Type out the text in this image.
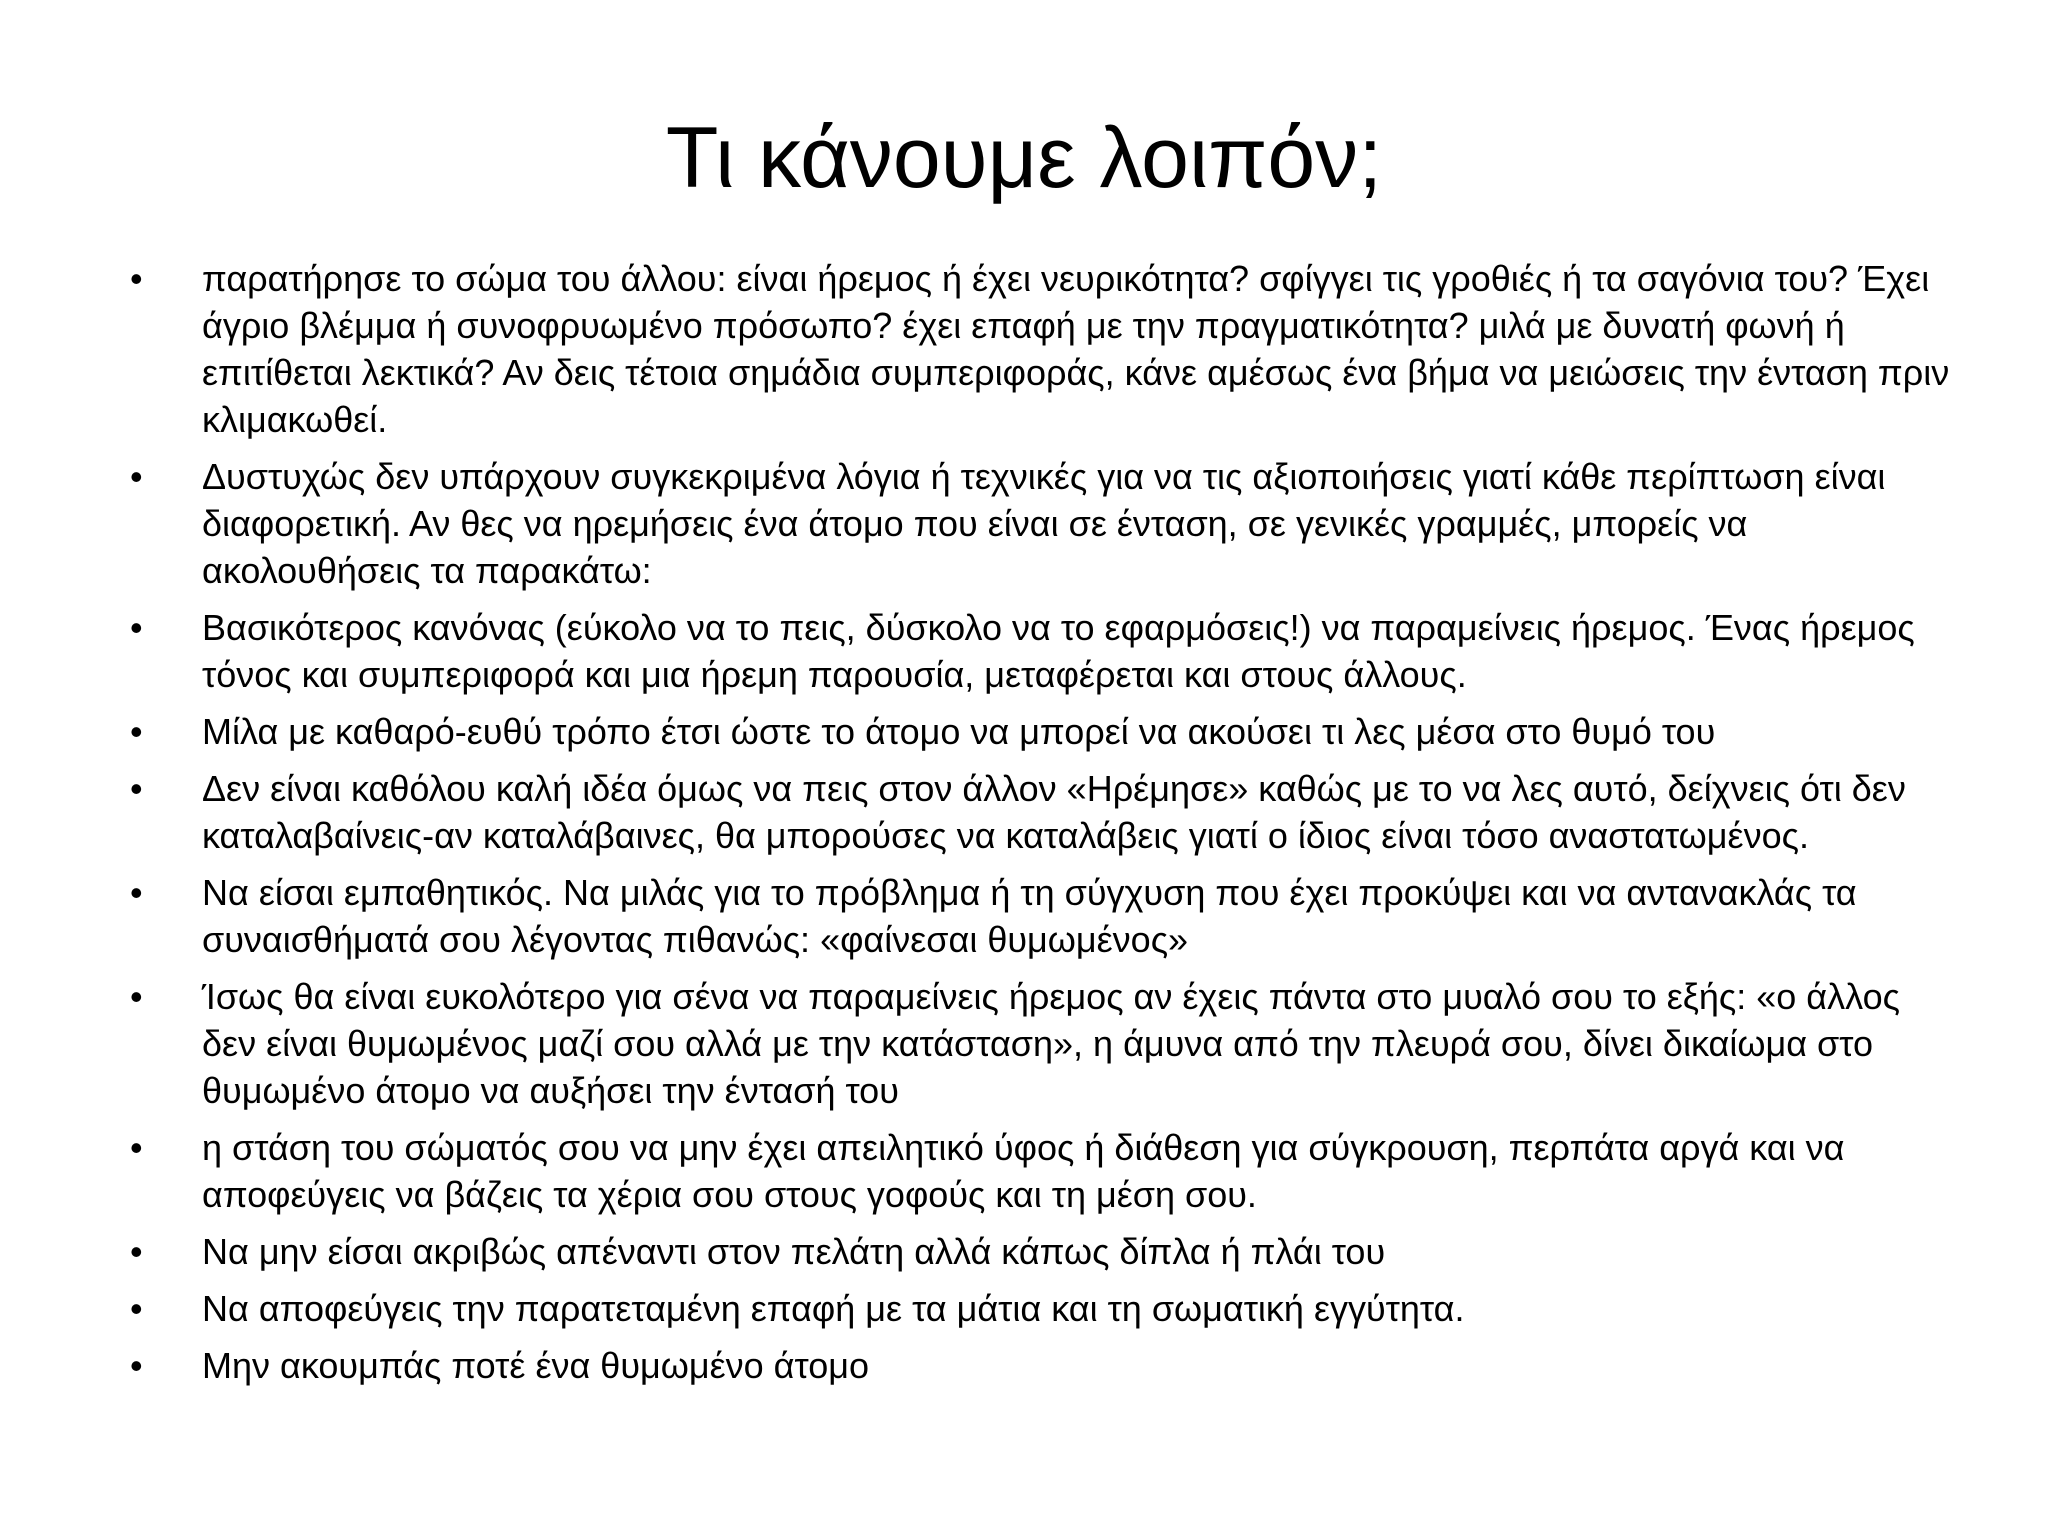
Τι κάνουμε λοιπόν;
•	παρατήρησε το σώμα του άλλου: είναι ήρεμος ή έχει νευρικότητα? σφίγγει τις γροθιές ή τα σαγόνια του? Έχει άγριο βλέμμα ή συνοφρυωμένο πρόσωπο? έχει επαφή με την πραγματικότητα? μιλά με δυνατή φωνή ή επιτίθεται λεκτικά? Αν δεις τέτοια σημάδια συμπεριφοράς, κάνε αμέσως ένα βήμα να μειώσεις την ένταση πριν κλιμακωθεί.
•	Δυστυχώς δεν υπάρχουν συγκεκριμένα λόγια ή τεχνικές για να τις αξιοποιήσεις γιατί κάθε περίπτωση είναι διαφορετική. Αν θες να ηρεμήσεις ένα άτομο που είναι σε ένταση, σε γενικές γραμμές, μπορείς να ακολουθήσεις τα παρακάτω:
•	Βασικότερος κανόνας (εύκολο να το πεις, δύσκολο να το εφαρμόσεις!) να παραμείνεις ήρεμος. Ένας ήρεμος τόνος και συμπεριφορά και μια ήρεμη παρουσία, μεταφέρεται και στους άλλους.
•	Μίλα με καθαρό-ευθύ τρόπο έτσι ώστε το άτομο να μπορεί να ακούσει τι λες μέσα στο θυμό του
•	Δεν είναι καθόλου καλή ιδέα όμως να πεις στον άλλον «Ηρέμησε» καθώς με το να λες αυτό, δείχνεις ότι δεν καταλαβαίνεις-αν καταλάβαινες, θα μπορούσες να καταλάβεις γιατί ο ίδιος είναι τόσο αναστατωμένος.
•	Να είσαι εμπαθητικός. Να μιλάς για το πρόβλημα ή τη σύγχυση που έχει προκύψει και να αντανακλάς τα συναισθήματά σου λέγοντας πιθανώς: «φαίνεσαι θυμωμένος»
•	Ίσως θα είναι ευκολότερο για σένα να παραμείνεις ήρεμος αν έχεις πάντα στο μυαλό σου το εξής: «ο άλλος δεν είναι θυμωμένος μαζί σου αλλά με την κατάσταση», η άμυνα από την πλευρά σου, δίνει δικαίωμα στο θυμωμένο άτομο να αυξήσει την έντασή του
•	η στάση του σώματός σου να μην έχει απειλητικό ύφος ή διάθεση για σύγκρουση, περπάτα αργά και να αποφεύγεις να βάζεις τα χέρια σου στους γοφούς και τη μέση σου.
•	Να μην είσαι ακριβώς απέναντι στον πελάτη αλλά κάπως δίπλα ή πλάι του
•	Να αποφεύγεις την παρατεταμένη επαφή με τα μάτια και τη σωματική εγγύτητα.
•	Μην ακουμπάς ποτέ ένα θυμωμένο άτομο
